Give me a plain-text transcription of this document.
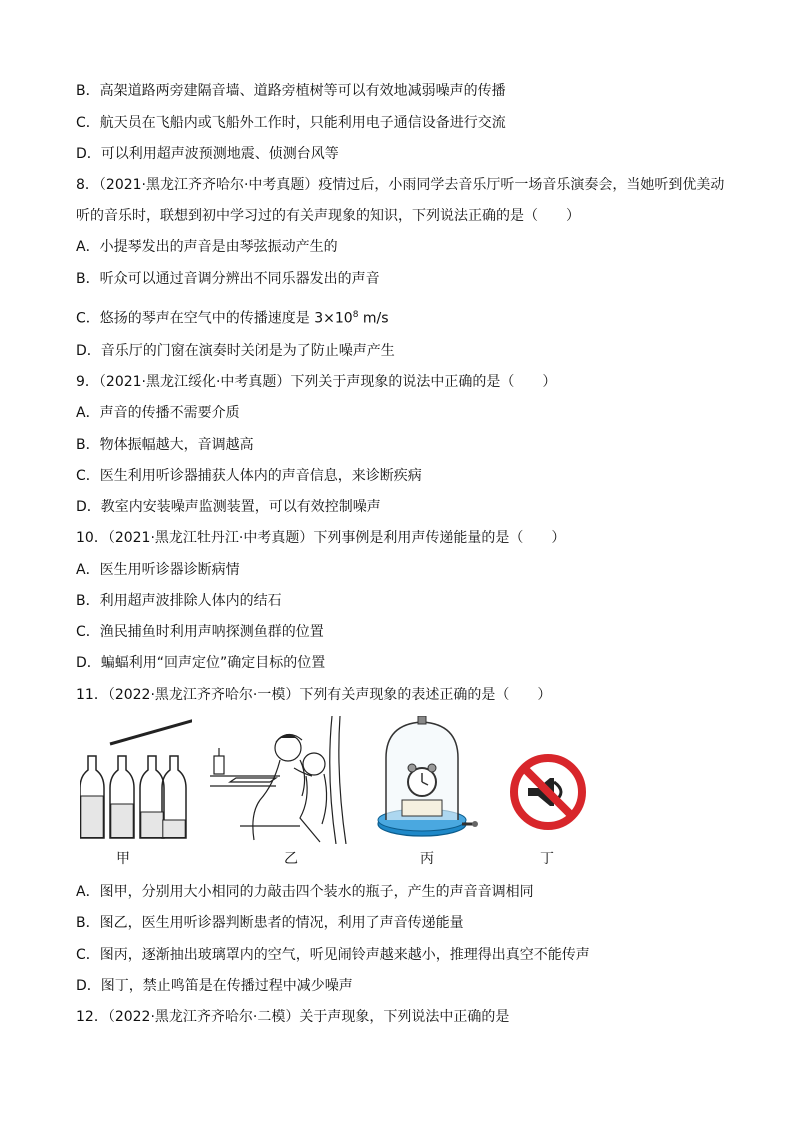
B．高架道路两旁建隔音墙、道路旁植树等可以有效地减弱噪声的传播
C．航天员在飞船内或飞船外工作时，只能利用电子通信设备进行交流
D．可以利用超声波预测地震、侦测台风等
8．（2021·黑龙江齐齐哈尔·中考真题）疫情过后，小雨同学去音乐厅听一场音乐演奏会，当她听到优美动
听的音乐时，联想到初中学习过的有关声现象的知识，下列说法正确的是（　　）
A．小提琴发出的声音是由琴弦振动产生的
B．听众可以通过音调分辨出不同乐器发出的声音
C．悠扬的琴声在空气中的传播速度是 $3\times 10^8$ m/s
D．音乐厅的门窗在演奏时关闭是为了防止噪声产生
9．（2021·黑龙江绥化·中考真题）下列关于声现象的说法中正确的是（　　）
A．声音的传播不需要介质
B．物体振幅越大，音调越高
C．医生利用听诊器捕获人体内的声音信息，来诊断疾病
D．教室内安装噪声监测装置，可以有效控制噪声
10．（2021·黑龙江牡丹江·中考真题）下列事例是利用声传递能量的是（　　）
A．医生用听诊器诊断病情
B．利用超声波排除人体内的结石
C．渔民捕鱼时利用声呐探测鱼群的位置
D．蝙蝠利用“回声定位”确定目标的位置
11．（2022·黑龙江齐齐哈尔·一模）下列有关声现象的表述正确的是（　　）
甲	乙	丙	丁
A．图甲，分别用大小相同的力敲击四个装水的瓶子，产生的声音音调相同
B．图乙，医生用听诊器判断患者的情况，利用了声音传递能量
C．图丙，逐渐抽出玻璃罩内的空气，听见闹铃声越来越小，推理得出真空不能传声
D．图丁，禁止鸣笛是在传播过程中减少噪声
12．（2022·黑龙江齐齐哈尔·二模）关于声现象，下列说法中正确的是
